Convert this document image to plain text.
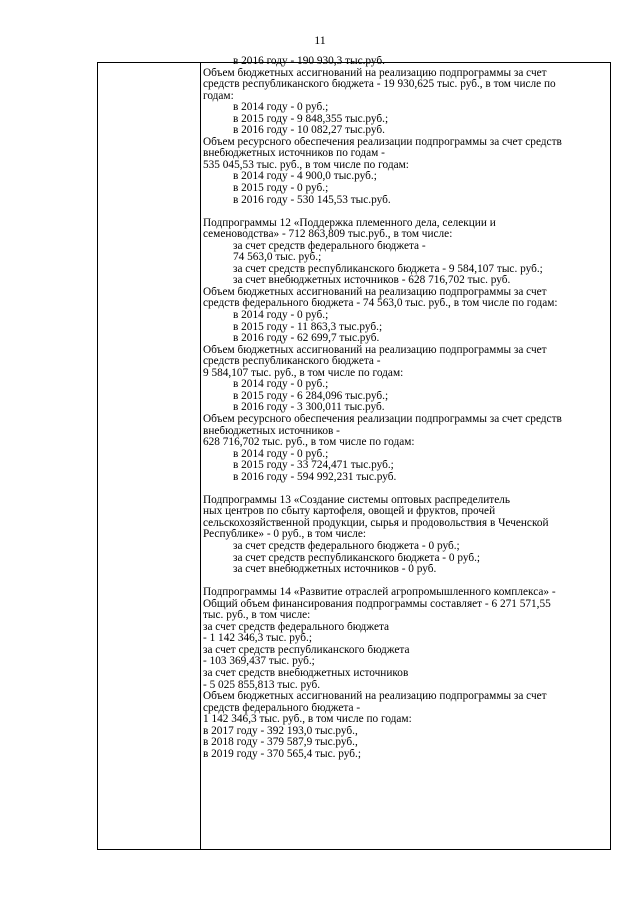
11
в 2016 году - 190 930,3 тыс.руб.
Объем бюджетных ассигнований на реализацию подпрограммы за счет
средств республиканского бюджета - 19 930,625 тыс. руб., в том числе по
годам:
в 2014 году - 0 руб.;
в 2015 году - 9 848,355 тыс.руб.;
в 2016 году - 10 082,27 тыс.руб.
Объем ресурсного обеспечения реализации подпрограммы за счет средств
внебюджетных источников по годам -
535 045,53 тыс. руб., в том числе по годам:
в 2014 году - 4 900,0 тыс.руб.;
в 2015 году - 0 руб.;
в 2016 году - 530 145,53 тыс.руб.
Подпрограммы 12 «Поддержка племенного дела, селекции и
семеноводства» - 712 863,809 тыс.руб., в том числе:
за счет средств федерального бюджета -
74 563,0 тыс. руб.;
за счет средств республиканского бюджета - 9 584,107 тыс. руб.;
за счет внебюджетных источников - 628 716,702 тыс. руб.
Объем бюджетных ассигнований на реализацию подпрограммы за счет
средств федерального бюджета - 74 563,0 тыс. руб., в том числе по годам:
в 2014 году - 0 руб.;
в 2015 году - 11 863,3 тыс.руб.;
в 2016 году - 62 699,7 тыс.руб.
Объем бюджетных ассигнований на реализацию подпрограммы за счет
средств республиканского бюджета -
9 584,107 тыс. руб., в том числе по годам:
в 2014 году - 0 руб.;
в 2015 году - 6 284,096 тыс.руб.;
в 2016 году - 3 300,011 тыс.руб.
Объем ресурсного обеспечения реализации подпрограммы за счет средств
внебюджетных источников -
628 716,702 тыс. руб., в том числе по годам:
в 2014 году - 0 руб.;
в 2015 году - 33 724,471 тыс.руб.;
в 2016 году - 594 992,231 тыс.руб.
Подпрограммы 13 «Создание системы оптовых распределитель
ных центров по сбыту картофеля, овощей и фруктов, прочей
сельскохозяйственной продукции, сырья и продовольствия в Чеченской
Республике» - 0 руб., в том числе:
за счет средств федерального бюджета - 0 руб.;
за счет средств республиканского бюджета - 0 руб.;
за счет внебюджетных источников - 0 руб.
Подпрограммы 14 «Развитие отраслей агропромышленного комплекса» -
Общий объем финансирования подпрограммы составляет - 6 271 571,55
тыс. руб., в том числе:
за счет средств федерального бюджета
- 1 142 346,3 тыс. руб.;
за счет средств республиканского бюджета
- 103 369,437 тыс. руб.;
за счет средств внебюджетных источников
- 5 025 855,813 тыс. руб.
Объем бюджетных ассигнований на реализацию подпрограммы за счет
средств федерального бюджета -
1 142 346,3 тыс. руб., в том числе по годам:
в 2017 году - 392 193,0 тыс.руб.,
в 2018 году - 379 587,9 тыс.руб.,
в 2019 году - 370 565,4 тыс. руб.;
